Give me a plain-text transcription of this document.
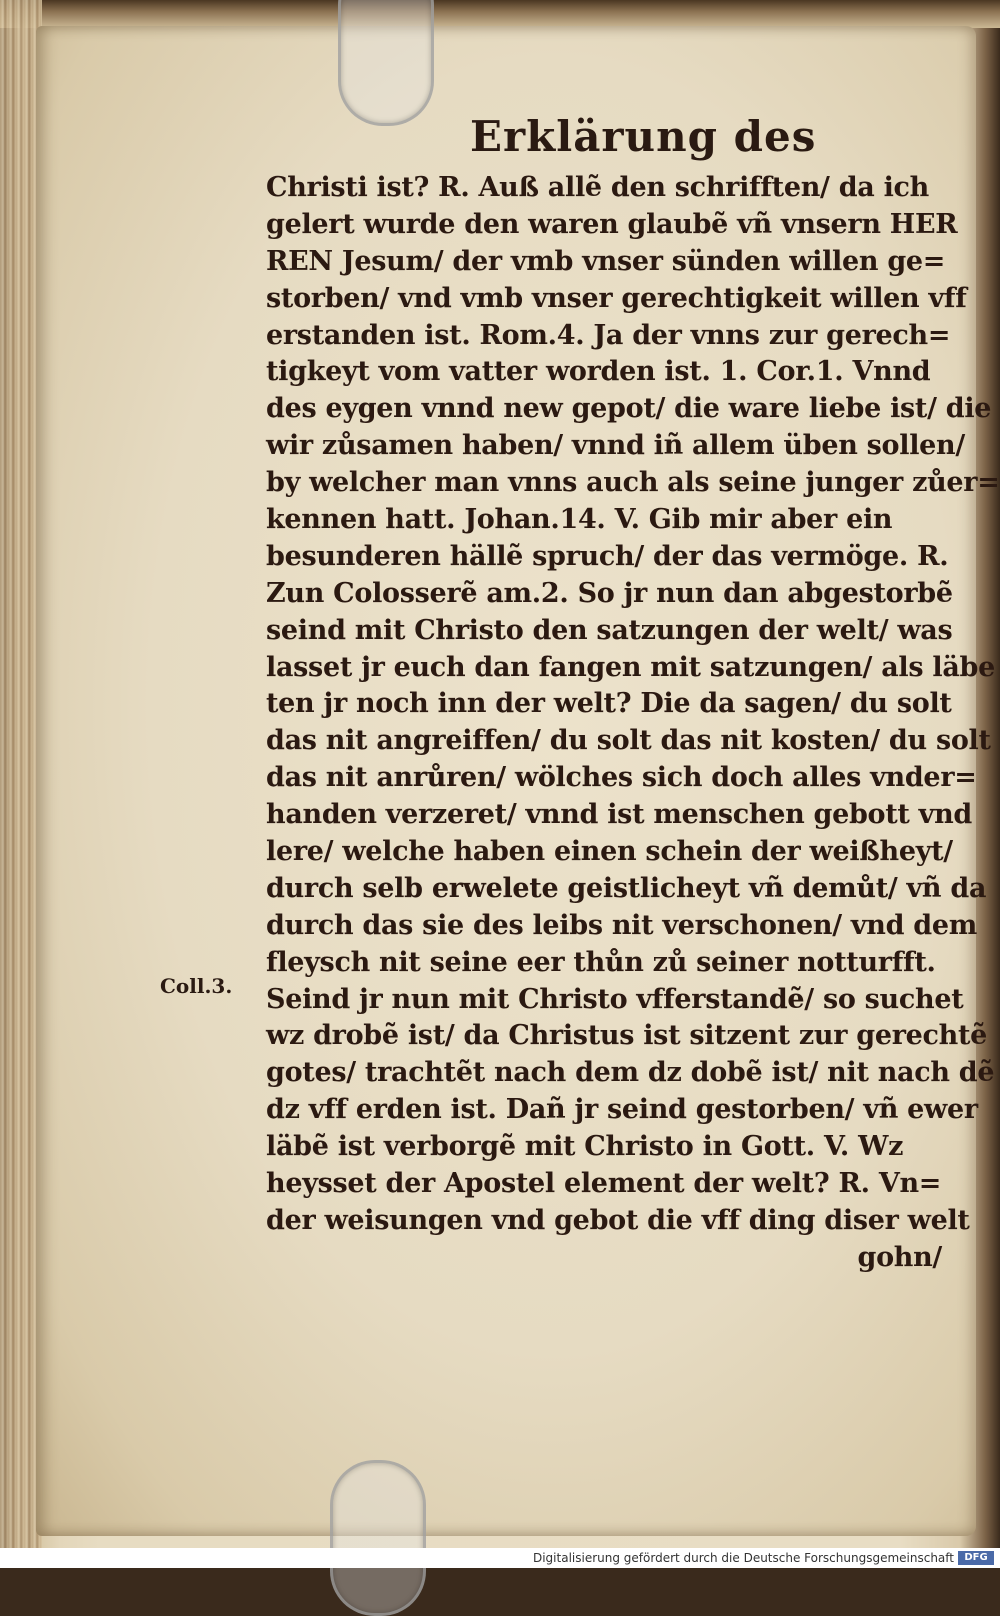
Erklärung des
Christi ist? R. Auß allẽ den schrifften/ da ich
gelert wurde den waren glaubẽ vñ vnsern HER
REN Jesum/ der vmb vnser sünden willen ge=
storben/ vnd vmb vnser gerechtigkeit willen vff
erstanden ist. Rom.4. Ja der vnns zur gerech=
tigkeyt vom vatter worden ist. 1. Cor.1. Vnnd
des eygen vnnd new gepot/ die ware liebe ist/ die
wir zůsamen haben/ vnnd iñ allem üben sollen/
by welcher man vnns auch als seine junger zůer=
kennen hatt. Johan.14. V. Gib mir aber ein
besunderen hällẽ spruch/ der das vermöge. R.
Zun Colosserẽ am.2. So jr nun dan abgestorbẽ
seind mit Christo den satzungen der welt/ was
lasset jr euch dan fangen mit satzungen/ als läbe
ten jr noch inn der welt? Die da sagen/ du solt
das nit angreiffen/ du solt das nit kosten/ du solt
das nit anrůren/ wölches sich doch alles vnder=
handen verzeret/ vnnd ist menschen gebott vnd
lere/ welche haben einen schein der weißheyt/
durch selb erwelete geistlicheyt vñ demůt/ vñ da
durch das sie des leibs nit verschonen/ vnd dem
fleysch nit seine eer thůn zů seiner notturfft.
Seind jr nun mit Christo vfferstandẽ/ so suchet
wz drobẽ ist/ da Christus ist sitzent zur gerechtẽ
gotes/ trachtẽt nach dem dz dobẽ ist/ nit nach dẽ
dz vff erden ist. Dañ jr seind gestorben/ vñ ewer
läbẽ ist verborgẽ mit Christo in Gott. V. Wz
heysset der Apostel element der welt? R. Vn=
der weisungen vnd gebot die vff ding diser welt
gohn/
Coll.3.
Digitalisierung gefördert durch die Deutsche Forschungsgemeinschaft	DFG
